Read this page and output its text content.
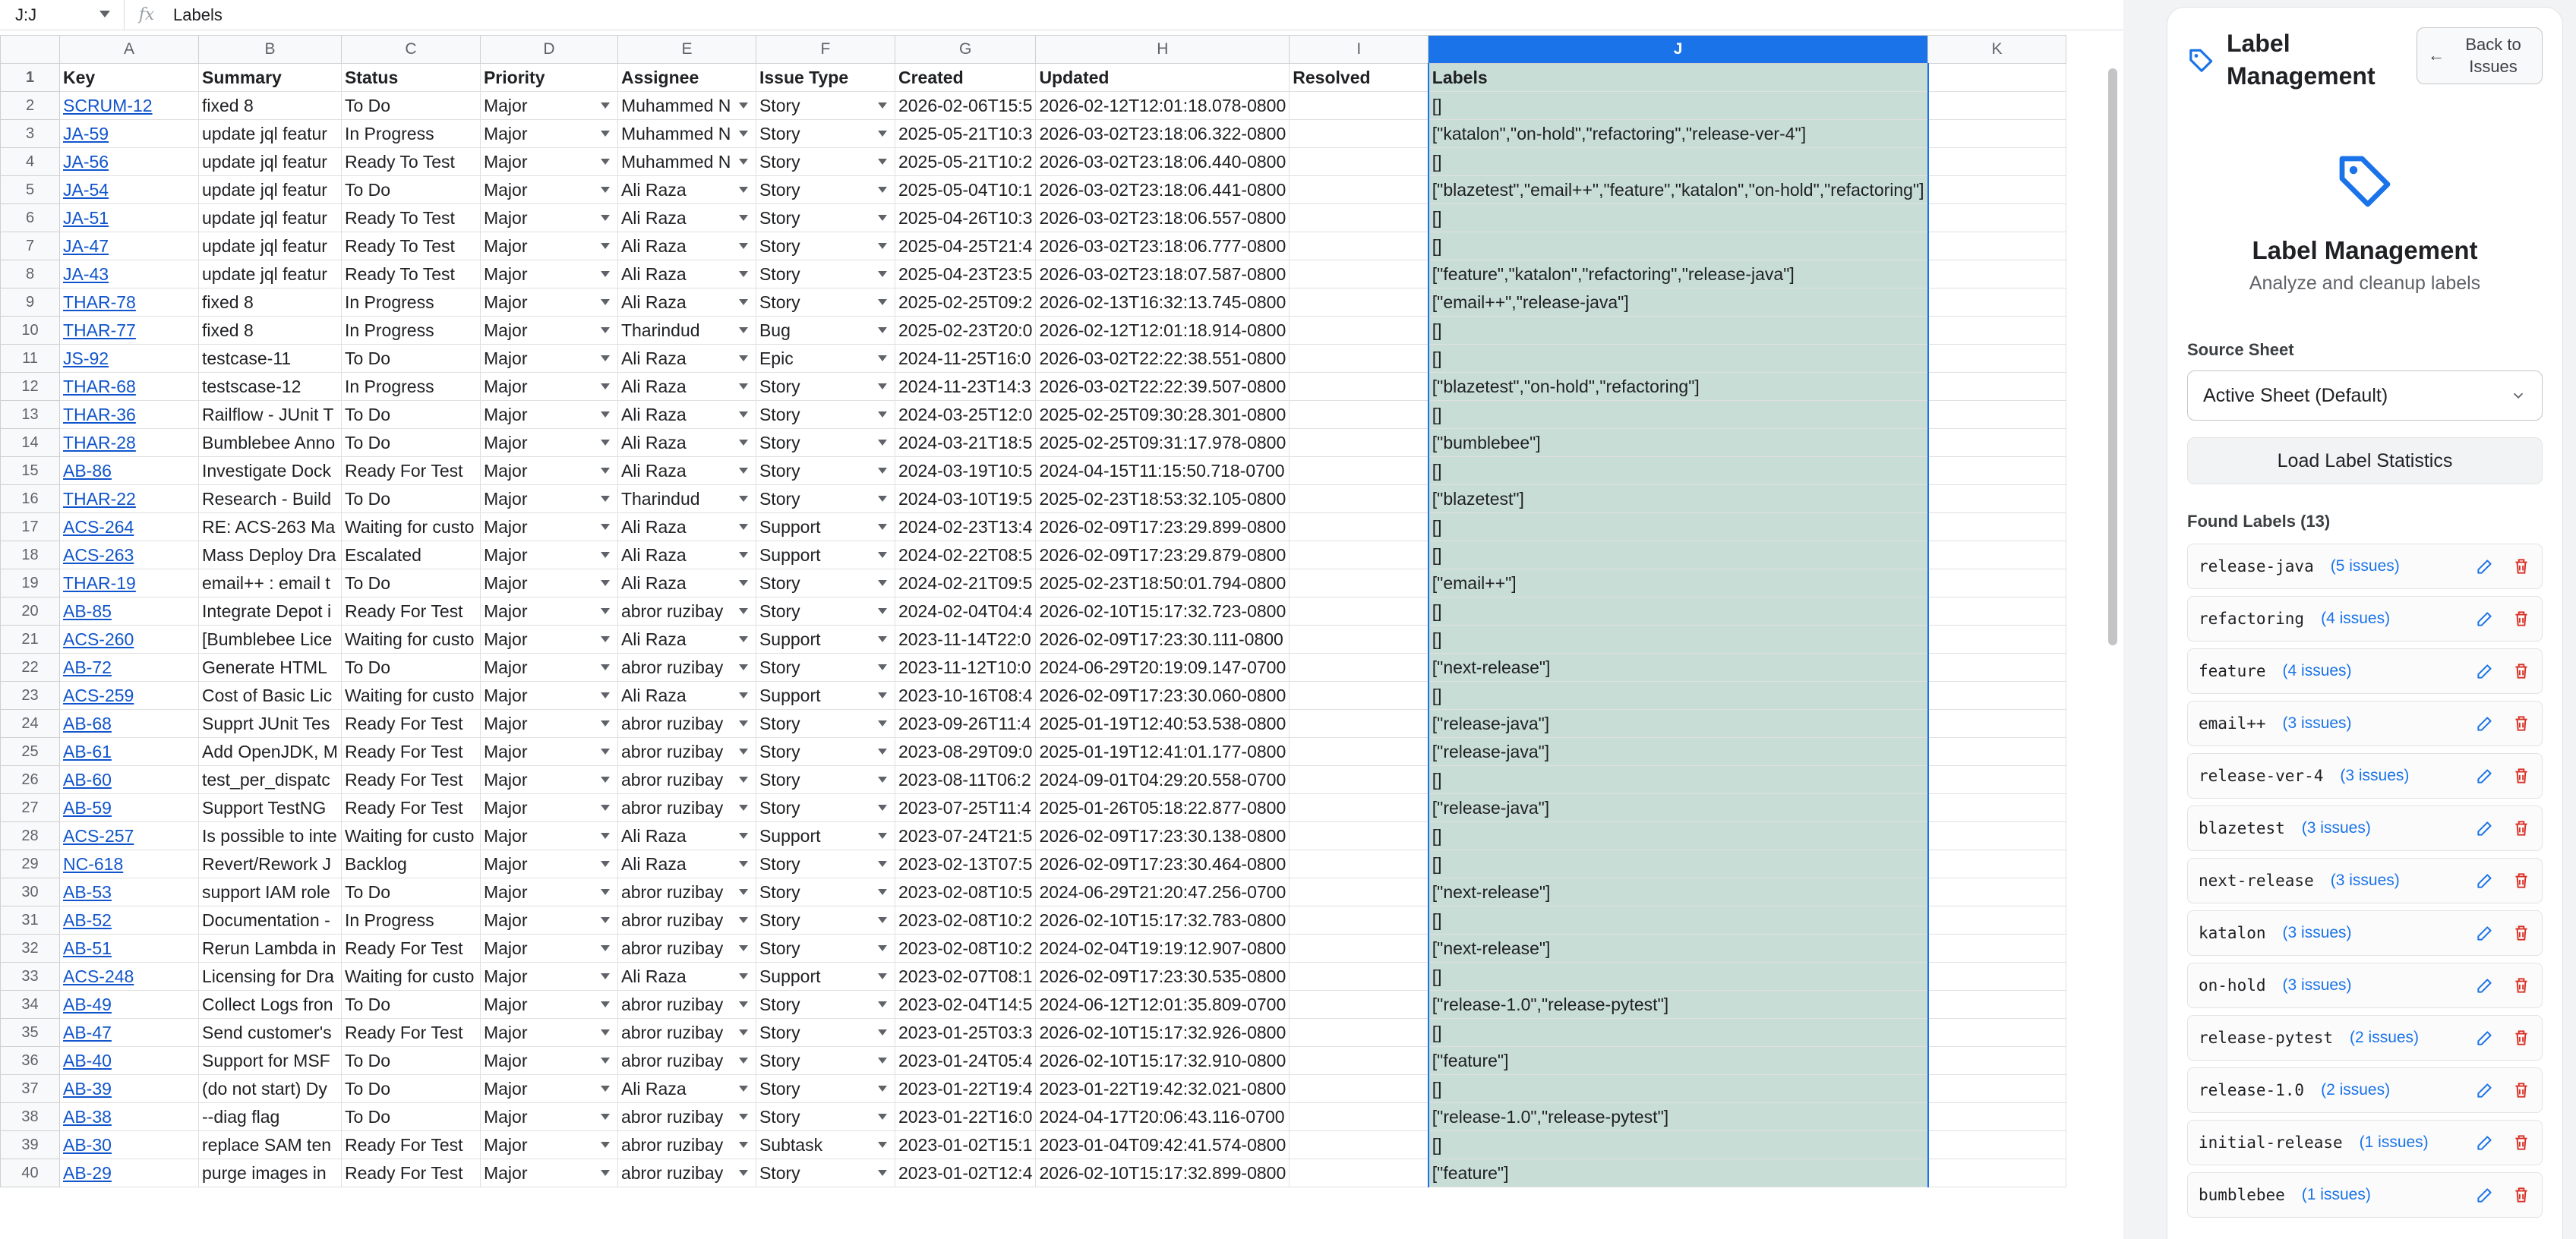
J:J	fx	Labels
	A	B	C	D	E	F	G	H	I	J	K
1	Key	Summary	Status	Priority	Assignee	Issue Type	Created	Updated	Resolved	Labels	
2	SCRUM-12	fixed 8	To Do	Major	Muhammed N	Story	2026-02-06T15:5	2026-02-12T12:01:18.078-0800		[]	
3	JA-59	update jql featur	In Progress	Major	Muhammed N	Story	2025-05-21T10:3	2026-03-02T23:18:06.322-0800		["katalon","on-hold","refactoring","release-ver-4"]	
4	JA-56	update jql featur	Ready To Test	Major	Muhammed N	Story	2025-05-21T10:2	2026-03-02T23:18:06.440-0800		[]	
5	JA-54	update jql featur	To Do	Major	Ali Raza	Story	2025-05-04T10:1	2026-03-02T23:18:06.441-0800		["blazetest","email++","feature","katalon","on-hold","refactoring"]	
6	JA-51	update jql featur	Ready To Test	Major	Ali Raza	Story	2025-04-26T10:3	2026-03-02T23:18:06.557-0800		[]	
7	JA-47	update jql featur	Ready To Test	Major	Ali Raza	Story	2025-04-25T21:4	2026-03-02T23:18:06.777-0800		[]	
8	JA-43	update jql featur	Ready To Test	Major	Ali Raza	Story	2025-04-23T23:5	2026-03-02T23:18:07.587-0800		["feature","katalon","refactoring","release-java"]	
9	THAR-78	fixed 8	In Progress	Major	Ali Raza	Story	2025-02-25T09:2	2026-02-13T16:32:13.745-0800		["email++","release-java"]	
10	THAR-77	fixed 8	In Progress	Major	Tharindud	Bug	2025-02-23T20:0	2026-02-12T12:01:18.914-0800		[]	
11	JS-92	testcase-11	To Do	Major	Ali Raza	Epic	2024-11-25T16:0	2026-03-02T22:22:38.551-0800		[]	
12	THAR-68	testscase-12	In Progress	Major	Ali Raza	Story	2024-11-23T14:3	2026-03-02T22:22:39.507-0800		["blazetest","on-hold","refactoring"]	
13	THAR-36	Railflow - JUnit T	To Do	Major	Ali Raza	Story	2024-03-25T12:0	2025-02-25T09:30:28.301-0800		[]	
14	THAR-28	Bumblebee Anno	To Do	Major	Ali Raza	Story	2024-03-21T18:5	2025-02-25T09:31:17.978-0800		["bumblebee"]	
15	AB-86	Investigate Dock	Ready For Test	Major	Ali Raza	Story	2024-03-19T10:5	2024-04-15T11:15:50.718-0700		[]	
16	THAR-22	Research - Build	To Do	Major	Tharindud	Story	2024-03-10T19:5	2025-02-23T18:53:32.105-0800		["blazetest"]	
17	ACS-264	RE: ACS-263 Ma	Waiting for custo	Major	Ali Raza	Support	2024-02-23T13:4	2026-02-09T17:23:29.899-0800		[]	
18	ACS-263	Mass Deploy Dra	Escalated	Major	Ali Raza	Support	2024-02-22T08:5	2026-02-09T17:23:29.879-0800		[]	
19	THAR-19	email++ : email t	To Do	Major	Ali Raza	Story	2024-02-21T09:5	2025-02-23T18:50:01.794-0800		["email++"]	
20	AB-85	Integrate Depot i	Ready For Test	Major	abror ruzibay	Story	2024-02-04T04:4	2026-02-10T15:17:32.723-0800		[]	
21	ACS-260	[Bumblebee Lice	Waiting for custo	Major	Ali Raza	Support	2023-11-14T22:0	2026-02-09T17:23:30.111-0800		[]	
22	AB-72	Generate HTML	To Do	Major	abror ruzibay	Story	2023-11-12T10:0	2024-06-29T20:19:09.147-0700		["next-release"]	
23	ACS-259	Cost of Basic Lic	Waiting for custo	Major	Ali Raza	Support	2023-10-16T08:4	2026-02-09T17:23:30.060-0800		[]	
24	AB-68	Supprt JUnit Tes	Ready For Test	Major	abror ruzibay	Story	2023-09-26T11:4	2025-01-19T12:40:53.538-0800		["release-java"]	
25	AB-61	Add OpenJDK, M	Ready For Test	Major	abror ruzibay	Story	2023-08-29T09:0	2025-01-19T12:41:01.177-0800		["release-java"]	
26	AB-60	test_per_dispatc	Ready For Test	Major	abror ruzibay	Story	2023-08-11T06:2	2024-09-01T04:29:20.558-0700		[]	
27	AB-59	Support TestNG	Ready For Test	Major	abror ruzibay	Story	2023-07-25T11:4	2025-01-26T05:18:22.877-0800		["release-java"]	
28	ACS-257	Is possible to inte	Waiting for custo	Major	Ali Raza	Support	2023-07-24T21:5	2026-02-09T17:23:30.138-0800		[]	
29	NC-618	Revert/Rework J	Backlog	Major	Ali Raza	Story	2023-02-13T07:5	2026-02-09T17:23:30.464-0800		[]	
30	AB-53	support IAM role	To Do	Major	abror ruzibay	Story	2023-02-08T10:5	2024-06-29T21:20:47.256-0700		["next-release"]	
31	AB-52	Documentation -	In Progress	Major	abror ruzibay	Story	2023-02-08T10:2	2026-02-10T15:17:32.783-0800		[]	
32	AB-51	Rerun Lambda in	Ready For Test	Major	abror ruzibay	Story	2023-02-08T10:2	2024-02-04T19:19:12.907-0800		["next-release"]	
33	ACS-248	Licensing for Dra	Waiting for custo	Major	Ali Raza	Support	2023-02-07T08:1	2026-02-09T17:23:30.535-0800		[]	
34	AB-49	Collect Logs fron	To Do	Major	abror ruzibay	Story	2023-02-04T14:5	2024-06-12T12:01:35.809-0700		["release-1.0","release-pytest"]	
35	AB-47	Send customer's	Ready For Test	Major	abror ruzibay	Story	2023-01-25T03:3	2026-02-10T15:17:32.926-0800		[]	
36	AB-40	Support for MSF	To Do	Major	abror ruzibay	Story	2023-01-24T05:4	2026-02-10T15:17:32.910-0800		["feature"]	
37	AB-39	(do not start) Dy	To Do	Major	Ali Raza	Story	2023-01-22T19:4	2023-01-22T19:42:32.021-0800		[]	
38	AB-38	--diag flag	To Do	Major	abror ruzibay	Story	2023-01-22T16:0	2024-04-17T20:06:43.116-0700		["release-1.0","release-pytest"]	
39	AB-30	replace SAM ten	Ready For Test	Major	abror ruzibay	Subtask	2023-01-02T15:1	2023-01-04T09:42:41.574-0800		[]	
40	AB-29	purge images in	Ready For Test	Major	abror ruzibay	Story	2023-01-02T12:4	2026-02-10T15:17:32.899-0800		["feature"]	
Label Management
←
Back to Issues
Label Management
Analyze and cleanup labels
Source Sheet
Active Sheet (Default)
Load Label Statistics
Found Labels (13)
release-java (5 issues)
refactoring (4 issues)
feature (4 issues)
email++ (3 issues)
release-ver-4 (3 issues)
blazetest (3 issues)
next-release (3 issues)
katalon (3 issues)
on-hold (3 issues)
release-pytest (2 issues)
release-1.0 (2 issues)
initial-release (1 issues)
bumblebee (1 issues)
